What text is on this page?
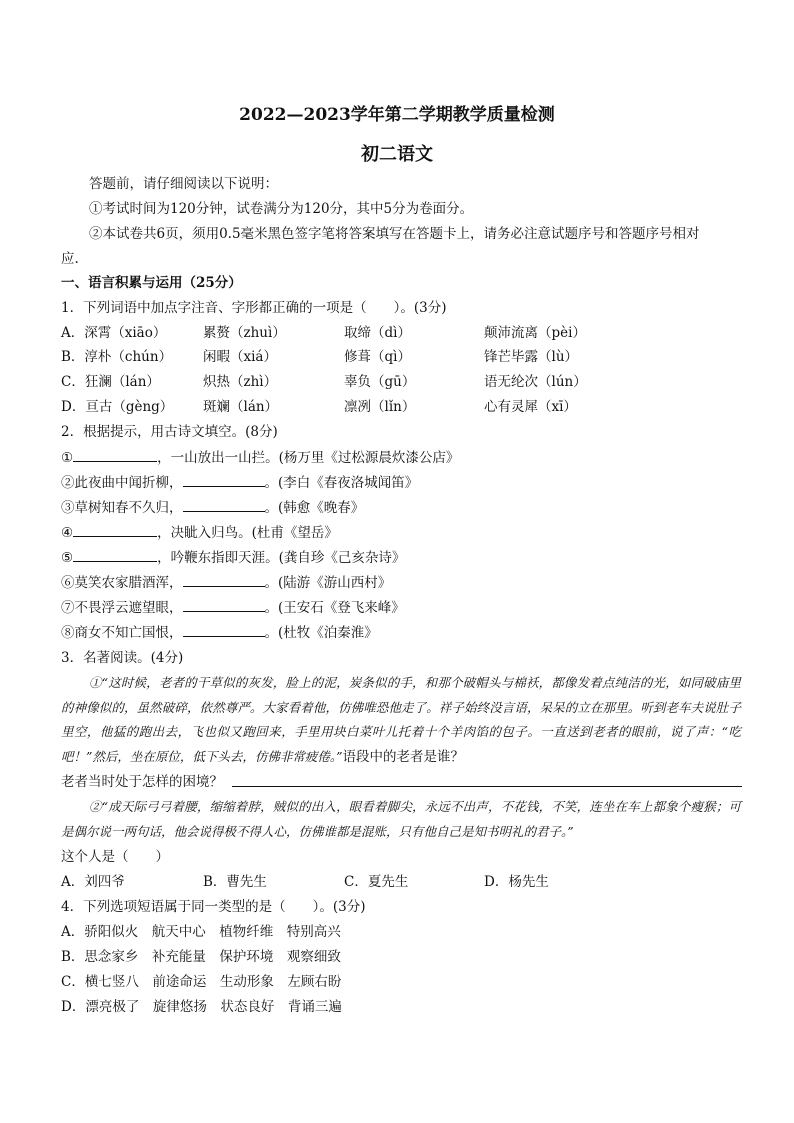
2022—2023学年第二学期教学质量检测
初二语文
答题前，请仔细阅读以下说明：
①考试时间为120分钟，试卷满分为120分，其中5分为卷面分。
②本试卷共6页，须用0.5毫米黑色签字笔将答案填写在答题卡上，请务必注意试题序号和答题序号相对
应.
一、语言积累与运用（25分）
1．下列词语中加点字注音、字形都正确的一项是（　　）。(3分)
A．深霄（xiāo）	累赘（zhuì）	取缔（dì）	颠沛流离（pèi）
B．淳朴（chún） 闲暇（xiá）	修葺（qì）	锋芒毕露（lù）
C．狂澜（lán）	炽热（zhì）	辜负（gū）	语无纶次（lún）
D．亘古（gèng） 斑斓（lán）	凛冽（lǐn）	心有灵犀（xī）
2．根据提示，用古诗文填空。(8分)
①	，一山放出一山拦。(杨万里《过松源晨炊漆公店》
②此夜曲中闻折柳，	。(李白《春夜洛城闻笛》
③草树知春不久归，	。(韩愈《晚春》
④	，决眦入归鸟。(杜甫《望岳》
⑤	，吟鞭东指即天涯。(龚自珍《己亥杂诗》
⑥莫笑农家腊酒浑，	。(陆游《游山西村》
⑦不畏浮云遮望眼，	。(王安石《登飞来峰》
⑧商女不知亡国恨，	。(杜牧《泊秦淮》
3．名著阅读。(4分)
①“这时候，老者的干草似的灰发，脸上的泥，炭条似的手，和那个破帽头与棉袄，都像发着点纯洁的光，如同破庙里的神像似的，虽然破碎，依然尊严。大家看着他，仿佛唯恐他走了。祥子始终没言语，呆呆的立在那里。听到老车夫说肚子里空，他猛的跑出去，飞也似又跑回来，手里用块白菜叶儿托着十个羊肉馅的包子。一直送到老者的眼前，说了声：“吃吧！”然后，坐在原位，低下头去，仿佛非常疲倦。”语段中的老者是谁？
老者当时处于怎样的困境？
②“成天际弓弓着腰，缩缩着脖，贼似的出入，眼看着脚尖，永远不出声，不花钱，不笑，连坐在车上都象个瘦猴；可是偶尔说一两句话，他会说得极不得人心，仿佛谁都是混账，只有他自己是知书明礼的君子。”
这个人是（　　）
A．刘四爷	B．曹先生	C．夏先生	D．杨先生
4．下列选项短语属于同一类型的是（　　）。(3分)
A．骄阳似火　航天中心　植物纤维　特别高兴
B．思念家乡　补充能量　保护环境　观察细致
C．横七竖八　前途命运　生动形象　左顾右盼
D．漂亮极了　旋律悠扬　状态良好　背诵三遍
